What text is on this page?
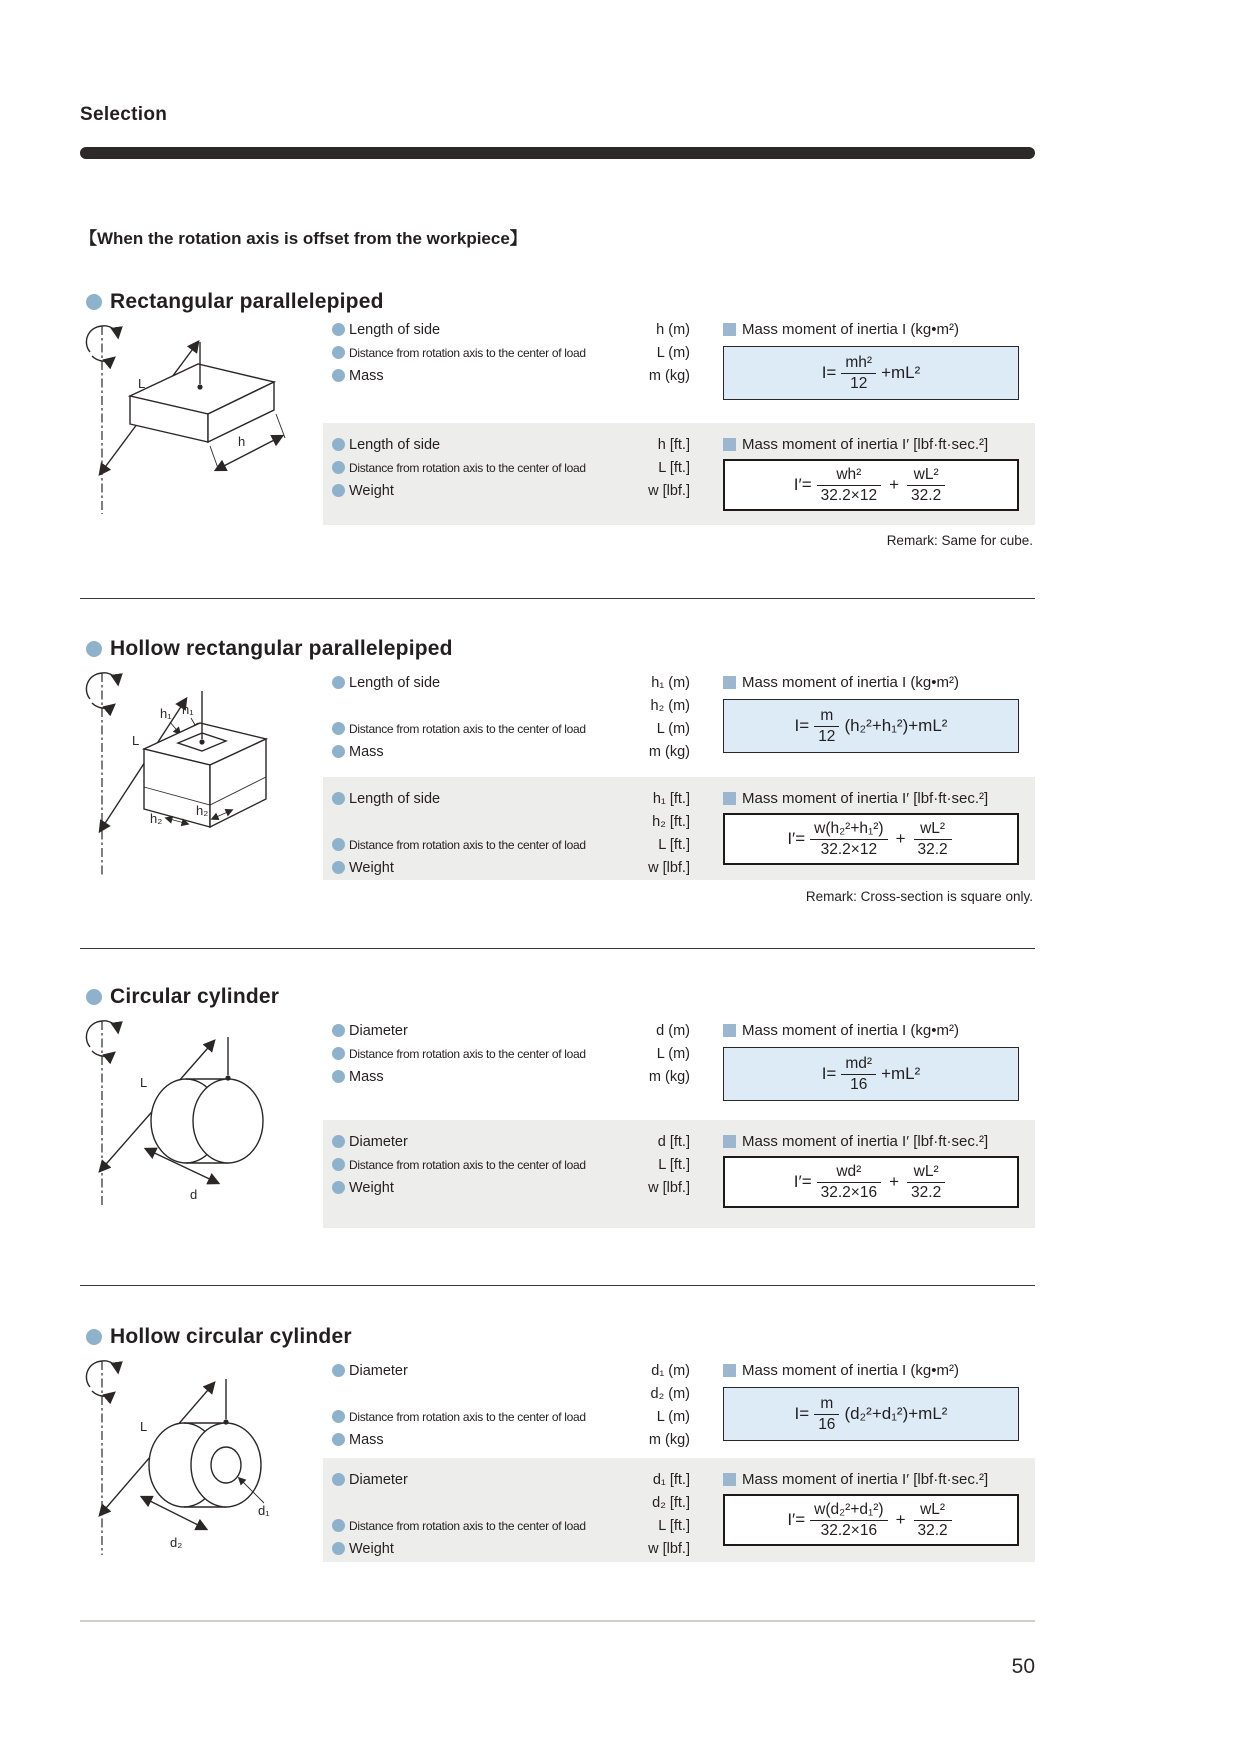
Selection
【When the rotation axis is offset from the workpiece】
Rectangular parallelepiped
L
h
Length of side	h (m)
Distance from rotation axis to the center of load	L (m)
Mass	m (kg)
Mass moment of inertia I (kg•m²)
$I= \frac{\text{mh²}}{12} +mL^2$
Length of side	h [ft.]
Distance from rotation axis to the center of load	L [ft.]
Weight	w [lbf.]
Mass moment of inertia I′ [lbf·ft·sec.²]
$I'= \frac{\text{wh²}}{32.2\times 12} + \frac{\text{wL²}}{32.2}$
Remark: Same for cube.
Hollow rectangular parallelepiped
L
h₁ h₁
h₂
h₂
Length of side	h₁ (m)
h₂ (m)
Distance from rotation axis to the center of load	L (m)
Mass	m (kg)
Mass moment of inertia I (kg•m²)
$I= \frac{m}{12} (h_2^2+h_1^2)+mL^2$
Length of side	h₁ [ft.]
h₂ [ft.]
Distance from rotation axis to the center of load	L [ft.]
Weight	w [lbf.]
Mass moment of inertia I′ [lbf·ft·sec.²]
$I'= \frac{\text{w(h₂²+h₁²)}}{32.2\times 12} + \frac{\text{wL²}}{32.2}$
Remark: Cross-section is square only.
Circular cylinder
L
d
Diameter	d (m)
Distance from rotation axis to the center of load	L (m)
Mass	m (kg)
Mass moment of inertia I (kg•m²)
$I= \frac{\text{md²}}{16} +mL^2$
Diameter	d [ft.]
Distance from rotation axis to the center of load	L [ft.]
Weight	w [lbf.]
Mass moment of inertia I′ [lbf·ft·sec.²]
$I'= \frac{\text{wd²}}{32.2\times 16} + \frac{\text{wL²}}{32.2}$
Hollow circular cylinder
L
d₁
d₂
Diameter	d₁ (m)
d₂ (m)
Distance from rotation axis to the center of load	L (m)
Mass	m (kg)
Mass moment of inertia I (kg•m²)
$I= \frac{m}{16} (d_2^2+d_1^2)+mL^2$
Diameter	d₁ [ft.]
d₂ [ft.]
Distance from rotation axis to the center of load	L [ft.]
Weight	w [lbf.]
Mass moment of inertia I′ [lbf·ft·sec.²]
$I'= \frac{\text{w(d₂²+d₁²)}}{32.2\times 16} + \frac{\text{wL²}}{32.2}$
50
